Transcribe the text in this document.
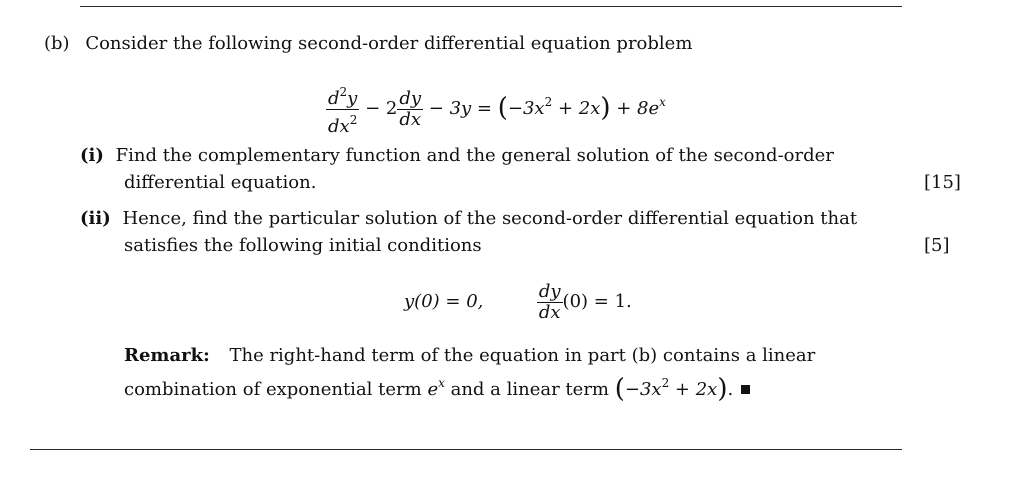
(b) Consider the following second-order differential equation problem
$\frac{d^2y}{dx^2} - 2 \frac{dy}{dx} - 3y = (-3x^2 + 2x) + 8e^x$
(i) Find the complementary function and the general solution of the second-order
differential equation.	[15]
(ii) Hence, find the particular solution of the second-order differential equation that
satisfies the following initial conditions	[5]
y(0) = 0,	$\frac{dy}{dx} (0) = 1$.
Remark: The right-hand term of the equation in part (b) contains a linear
combination of exponential term $e^x$ and a linear term $(-3x^2 + 2x)$.
